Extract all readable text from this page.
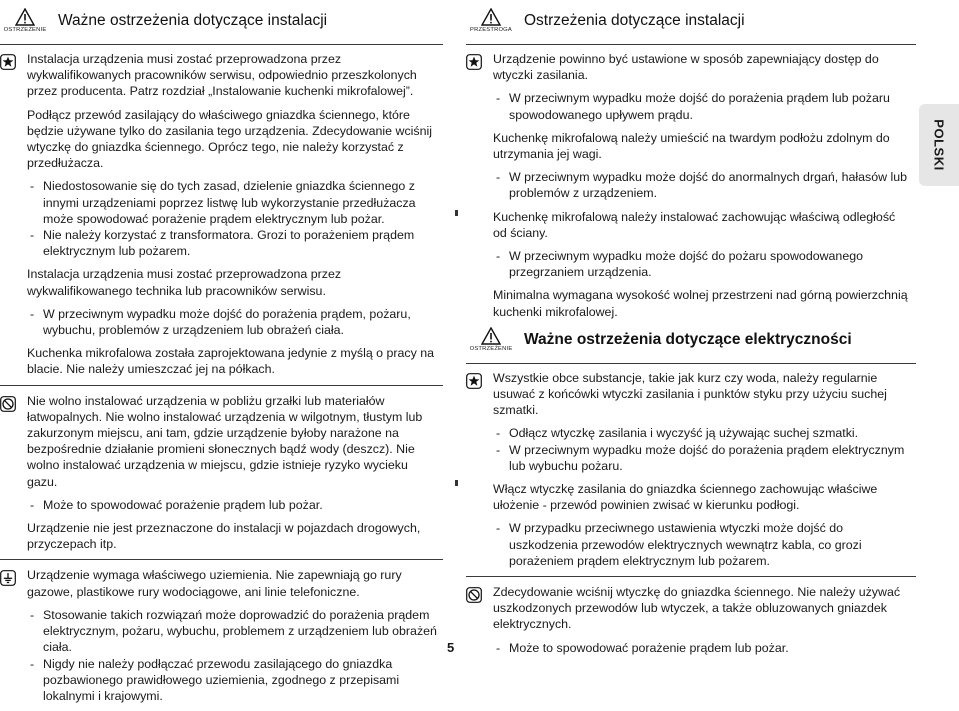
OSTRZEŻENIE
Ważne ostrzeżenia dotyczące instalacji

Instalacja urządzenia musi zostać przeprowadzona przez wykwalifikowanych pracowników serwisu, odpowiednio przeszkolonych przez producenta. Patrz rozdział „Instalowanie kuchenki mikrofalowej”.

Podłącz przewód zasilający do właściwego gniazdka ściennego, które będzie używane tylko do zasilania tego urządzenia. Zdecydowanie wciśnij wtyczkę do gniazdka ściennego. Oprócz tego, nie należy korzystać z przedłużacza.

- Niedostosowanie się do tych zasad, dzielenie gniazdka ściennego z innymi urządzeniami poprzez listwę lub wykorzystanie przedłużacza może spowodować porażenie prądem elektrycznym lub pożar.
- Nie należy korzystać z transformatora. Grozi to porażeniem prądem elektrycznym lub pożarem.

Instalacja urządzenia musi zostać przeprowadzona przez wykwalifikowanego technika lub pracowników serwisu.

- W przeciwnym wypadku może dojść do porażenia prądem, pożaru, wybuchu, problemów z urządzeniem lub obrażeń ciała.

Kuchenka mikrofalowa została zaprojektowana jedynie z myślą o pracy na blacie. Nie należy umieszczać jej na półkach.

Nie wolno instalować urządzenia w pobliżu grzałki lub materiałów łatwopalnych. Nie wolno instalować urządzenia w wilgotnym, tłustym lub zakurzonym miejscu, ani tam, gdzie urządzenie byłoby narażone na bezpośrednie działanie promieni słonecznych bądź wody (deszcz). Nie wolno instalować urządzenia w miejscu, gdzie istnieje ryzyko wycieku gazu.

- Może to spowodować porażenie prądem lub pożar.

Urządzenie nie jest przeznaczone do instalacji w pojazdach drogowych, przyczepach itp.

Urządzenie wymaga właściwego uziemienia. Nie zapewniają go rury gazowe, plastikowe rury wodociągowe, ani linie telefoniczne.

- Stosowanie takich rozwiązań może doprowadzić do porażenia prądem elektrycznym, pożaru, wybuchu, problemem z urządzeniem lub obrażeń ciała.
- Nigdy nie należy podłączać przewodu zasilającego do gniazdka pozbawionego prawidłowego uziemienia, zgodnego z przepisami lokalnymi i krajowymi.
PRZESTROGA
Ostrzeżenia dotyczące instalacji

Urządzenie powinno być ustawione w sposób zapewniający dostęp do wtyczki zasilania.

- W przeciwnym wypadku może dojść do porażenia prądem lub pożaru spowodowanego upływem prądu.

Kuchenkę mikrofalową należy umieścić na twardym podłożu zdolnym do utrzymania jej wagi.

- W przeciwnym wypadku może dojść do anormalnych drgań, hałasów lub problemów z urządzeniem.

Kuchenkę mikrofalową należy instalować zachowując właściwą odległość od ściany.

- W przeciwnym wypadku może dojść do pożaru spowodowanego przegrzaniem urządzenia.

Minimalna wymagana wysokość wolnej przestrzeni nad górną powierzchnią kuchenki mikrofalowej.

OSTRZEŻENIE
Ważne ostrzeżenia dotyczące elektryczności

Wszystkie obce substancje, takie jak kurz czy woda, należy regularnie usuwać z końcówki wtyczki zasilania i punktów styku przy użyciu suchej szmatki.

- Odłącz wtyczkę zasilania i wyczyść ją używając suchej szmatki.
- W przeciwnym wypadku może dojść do porażenia prądem elektrycznym lub wybuchu pożaru.

Włącz wtyczkę zasilania do gniazdka ściennego zachowując właściwe ułożenie - przewód powinien zwisać w kierunku podłogi.

- W przypadku przeciwnego ustawienia wtyczki może dojść do uszkodzenia przewodów elektrycznych wewnątrz kabla, co grozi porażeniem prądem elektrycznym lub pożarem.

Zdecydowanie wciśnij wtyczkę do gniazdka ściennego. Nie należy używać uszkodzonych przewodów lub wtyczek, a także obluzowanych gniazdek elektrycznych.

- Może to spowodować porażenie prądem lub pożar.
POLSKI
5
